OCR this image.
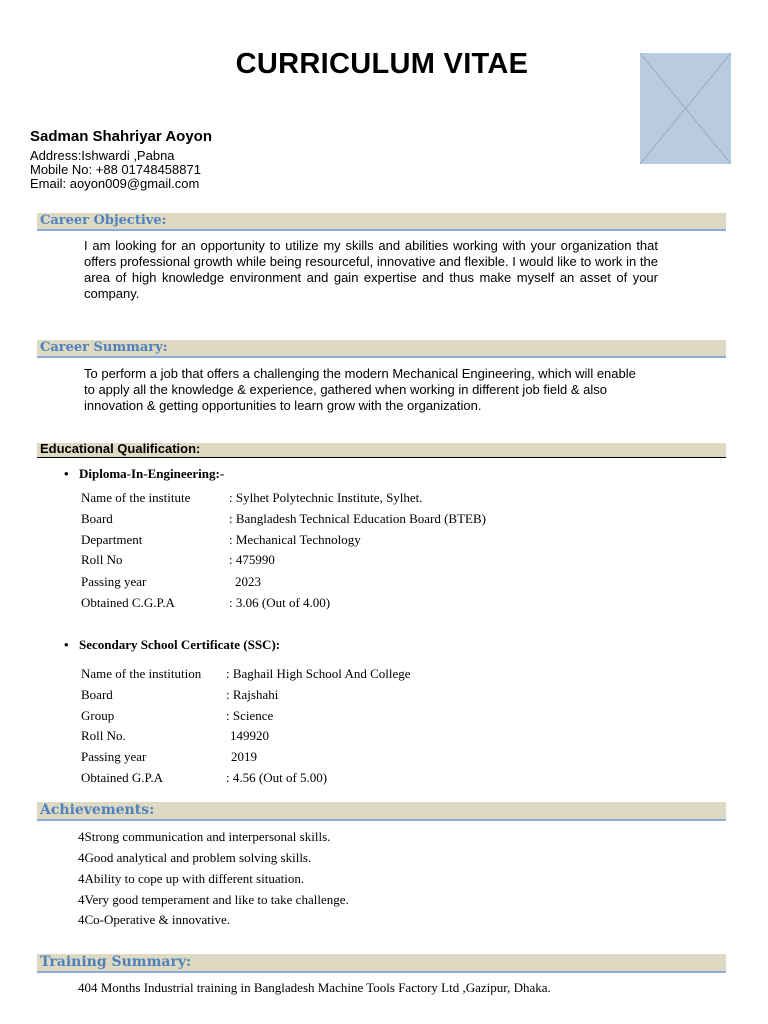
CURRICULUM VITAE
Sadman Shahriyar Aoyon
Address:Ishwardi ,Pabna
Mobile No: +88 01748458871
Email: aoyon009@gmail.com
Career Objective:
I am looking for an opportunity to utilize my skills and abilities working with your organization that offers professional growth while being resourceful, innovative and flexible. I would like to work in the area of high knowledge environment and gain expertise and thus make myself an asset of your company.
Career Summary:
To perform a job that offers a challenging the modern Mechanical Engineering, which will enable
to apply all the knowledge & experience, gathered when working in different job field & also
innovation & getting opportunities to learn grow with the organization.
Educational Qualification:
• Diploma-In-Engineering:-
Name of the institute	: Sylhet Polytechnic Institute, Sylhet.
Board	: Bangladesh Technical Education Board (BTEB)
Department	: Mechanical Technology
Roll No	: 475990
Passing year	2023
Obtained C.G.P.A	: 3.06 (Out of 4.00)
• Secondary School Certificate (SSC):
Name of the institution : Baghail High School And College
Board	: Rajshahi
Group	: Science
Roll No.	149920
Passing year	2019
Obtained G.P.A	: 4.56 (Out of 5.00)
Achievements:
4Strong communication and interpersonal skills.
4Good analytical and problem solving skills.
4Ability to cope up with different situation.
4Very good temperament and like to take challenge.
4Co-Operative & innovative.
Training Summary:
404 Months Industrial training in Bangladesh Machine Tools Factory Ltd ,Gazipur, Dhaka.
